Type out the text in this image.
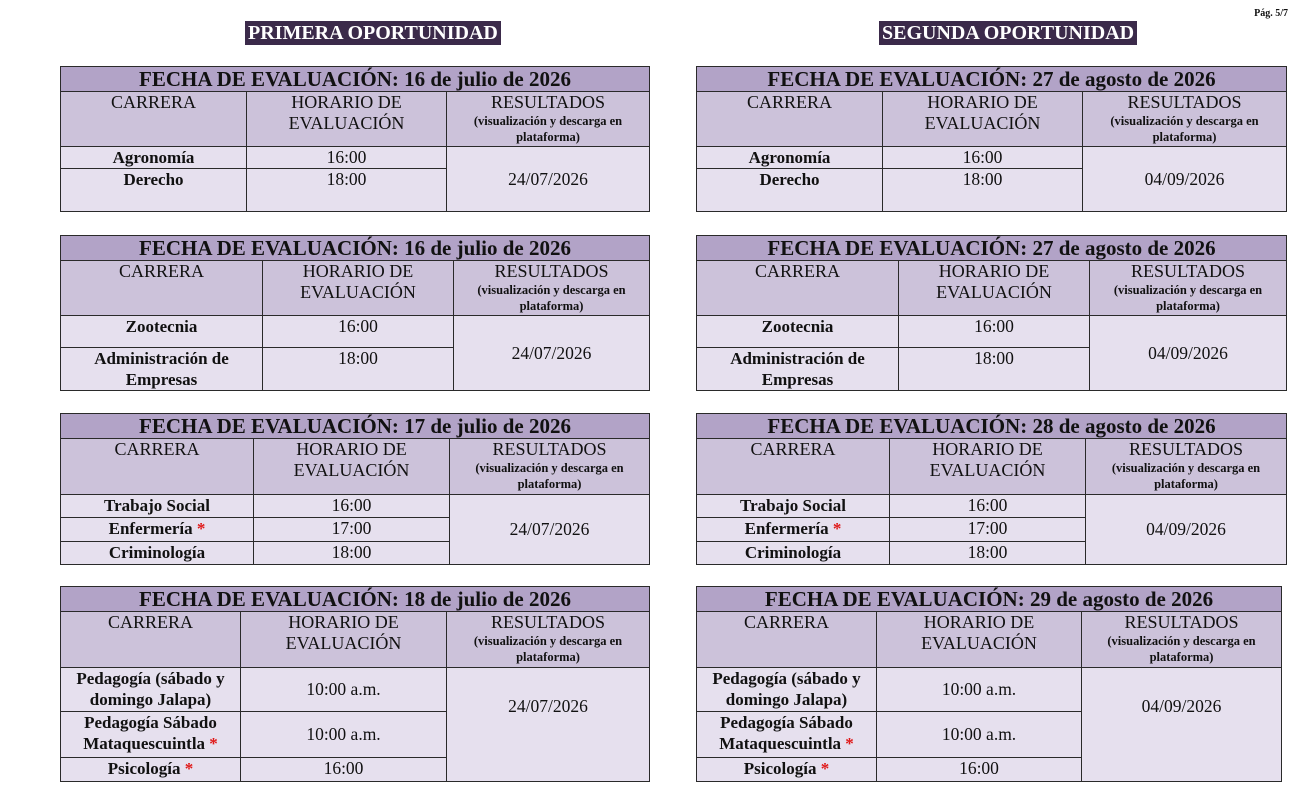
Pág. 5/7
PRIMERA OPORTUNIDAD	SEGUNDA OPORTUNIDAD
FECHA DE EVALUACIÓN: 16 de julio de 2026		
CARRERA	HORARIO DE EVALUACIÓN	RESULTADOS
(visualización y descarga en plataforma)

Agronomía	16:00	24/07/2026
Derecho	18:00	
FECHA DE EVALUACIÓN: 16 de julio de 2026		
CARRERA	HORARIO DE EVALUACIÓN	RESULTADOS
(visualización y descarga en plataforma)

Zootecnia	16:00	24/07/2026
Administración de Empresas	18:00	
FECHA DE EVALUACIÓN: 17 de julio de 2026		
CARRERA	HORARIO DE EVALUACIÓN	RESULTADOS
(visualización y descarga en plataforma)

Trabajo Social	16:00	24/07/2026
Enfermería *	17:00	
Criminología	18:00	
FECHA DE EVALUACIÓN: 18 de julio de 2026		
CARRERA	HORARIO DE EVALUACIÓN	RESULTADOS
(visualización y descarga en plataforma)

Pedagogía (sábado y domingo Jalapa)	10:00 a.m.	24/07/2026
Pedagogía Sábado Mataquescuintla *	10:00 a.m.	
Psicología *	16:00	
FECHA DE EVALUACIÓN: 27 de agosto de 2026		
CARRERA	HORARIO DE EVALUACIÓN	RESULTADOS
(visualización y descarga en plataforma)

Agronomía	16:00	04/09/2026
Derecho	18:00	
FECHA DE EVALUACIÓN: 27 de agosto de 2026		
CARRERA	HORARIO DE EVALUACIÓN	RESULTADOS
(visualización y descarga en plataforma)

Zootecnia	16:00	04/09/2026
Administración de Empresas	18:00	
FECHA DE EVALUACIÓN: 28 de agosto de 2026		
CARRERA	HORARIO DE EVALUACIÓN	RESULTADOS
(visualización y descarga en plataforma)

Trabajo Social	16:00	04/09/2026
Enfermería *	17:00	
Criminología	18:00	
FECHA DE EVALUACIÓN: 29 de agosto de 2026		
CARRERA	HORARIO DE EVALUACIÓN	RESULTADOS
(visualización y descarga en plataforma)

Pedagogía (sábado y domingo Jalapa)	10:00 a.m.	04/09/2026
Pedagogía Sábado Mataquescuintla *	10:00 a.m.	
Psicología *	16:00	
